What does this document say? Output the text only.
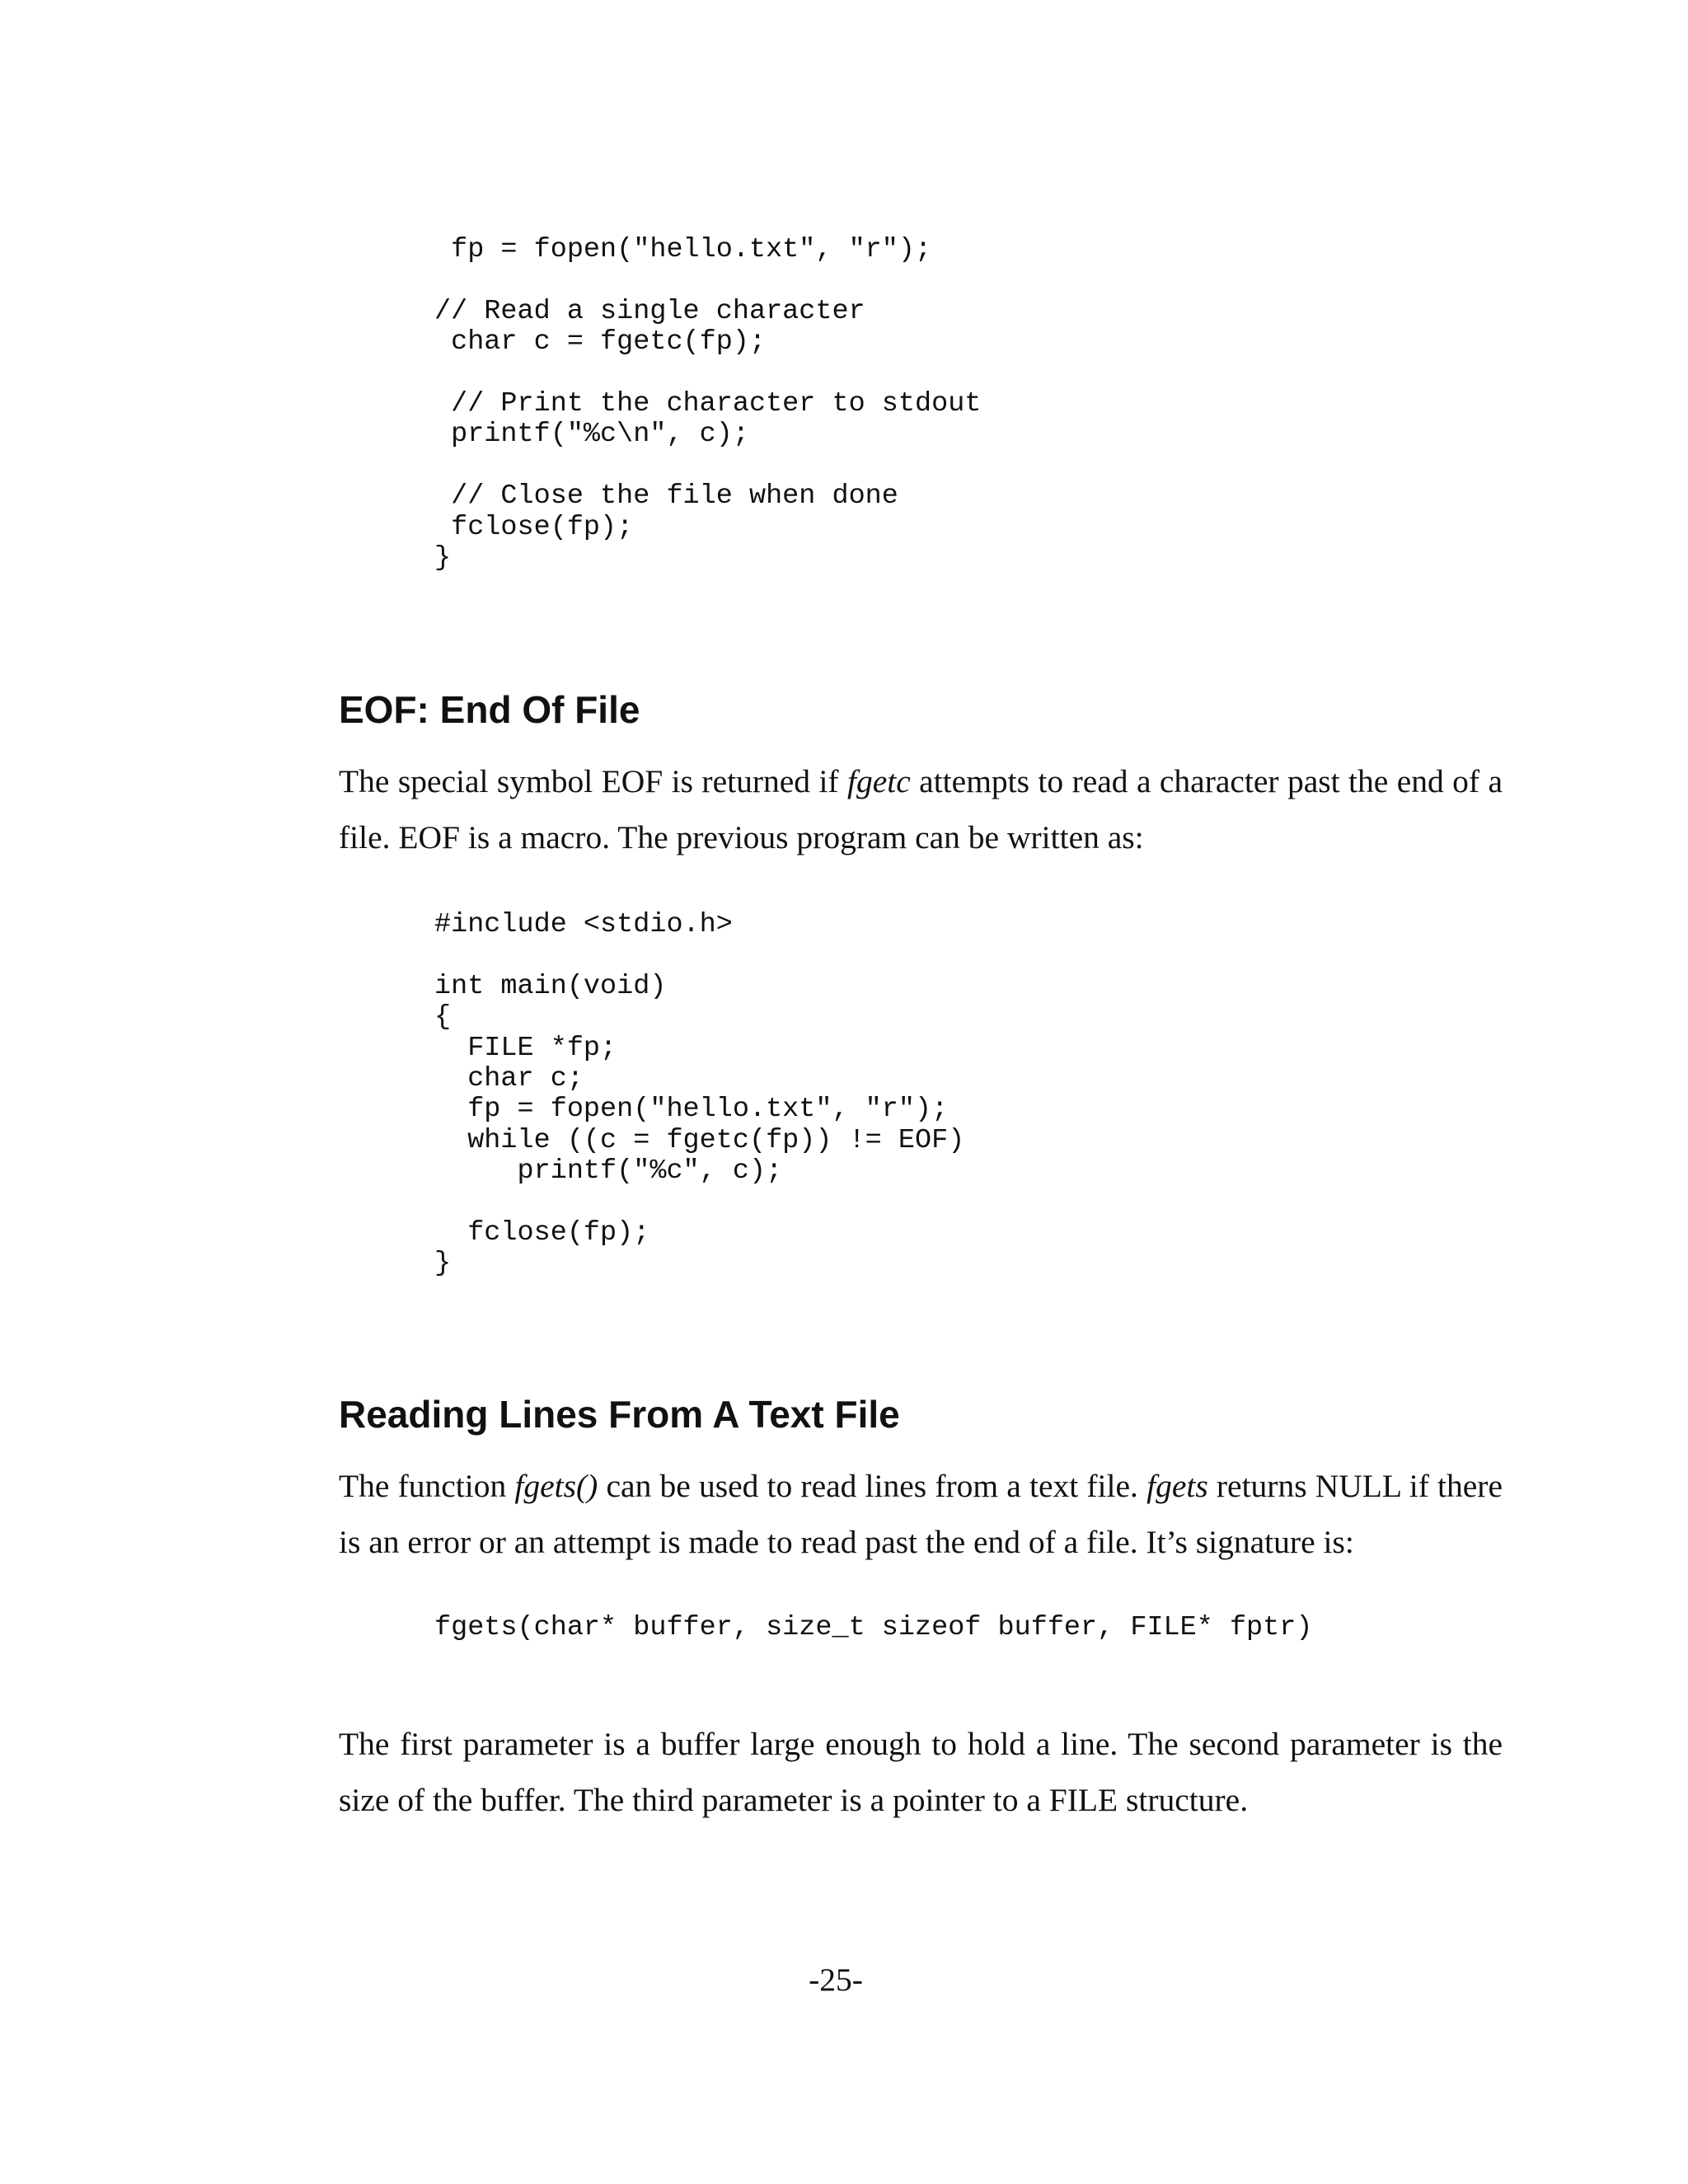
fp = fopen("hello.txt", "r");

// Read a single character
char c = fgetc(fp);

// Print the character to stdout
printf("%c\n", c);

// Close the file when done
fclose(fp);
}
EOF: End Of File

The special symbol EOF is returned if fgetc attempts to read a character past the end of a
file. EOF is a macro. The previous program can be written as:

#include <stdio.h>

int main(void)
{
FILE *fp;
char c;
fp = fopen("hello.txt", "r");
while ((c = fgetc(fp)) != EOF)
printf("%c", c);

fclose(fp);
}
Reading Lines From A Text File

The function fgets() can be used to read lines from a text file. fgets returns NULL if there
is an error or an attempt is made to read past the end of a file. It’s signature is:

fgets(char* buffer, size_t sizeof buffer, FILE* fptr)

The first parameter is a buffer large enough to hold a line. The second parameter is the
size of the buffer. The third parameter is a pointer to a FILE structure.

-25-
